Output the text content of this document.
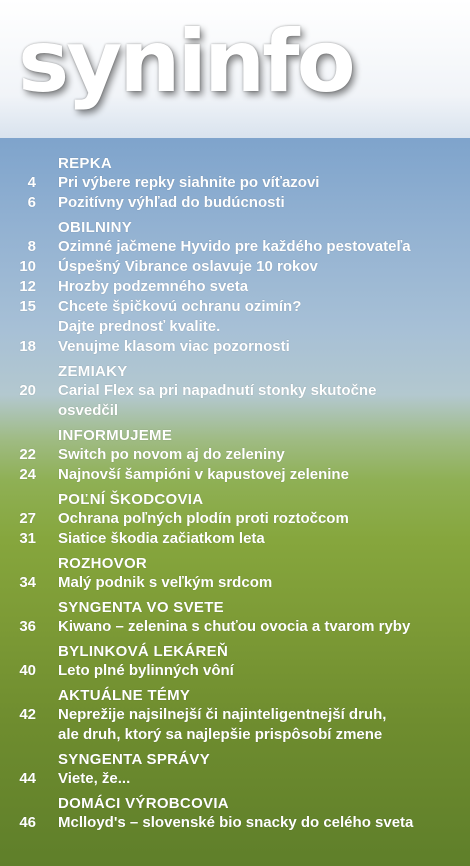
syninfo
REPKA
4	Pri výbere repky siahnite po víťazovi
6	Pozitívny výhľad do budúcnosti
OBILNINY
8	Ozimné jačmene Hyvido pre každého pestovateľa
10	Úspešný Vibrance oslavuje 10 rokov
12	Hrozby podzemného sveta
15	Chcete špičkovú ochranu ozimín?
Dajte prednosť kvalite.
18	Venujme klasom viac pozornosti
ZEMIAKY
20	Carial Flex sa pri napadnutí stonky skutočne
osvedčil
INFORMUJEME
22	Switch po novom aj do zeleniny
24	Najnovší šampióni v kapustovej zelenine
POĽNÍ ŠKODCOVIA
27	Ochrana poľných plodín proti roztočcom
31	Siatice škodia začiatkom leta
ROZHOVOR
34	Malý podnik s veľkým srdcom
SYNGENTA VO SVETE
36	Kiwano – zelenina s chuťou ovocia a tvarom ryby
BYLINKOVÁ LEKÁREŇ
40	Leto plné bylinných vôní
AKTUÁLNE TÉMY
42	Neprežije najsilnejší či najinteligentnejší druh,
ale druh, ktorý sa najlepšie prispôsobí zmene
SYNGENTA SPRÁVY
44	Viete, že...
DOMÁCI VÝROBCOVIA
46	Mclloyd's – slovenské bio snacky do celého sveta
